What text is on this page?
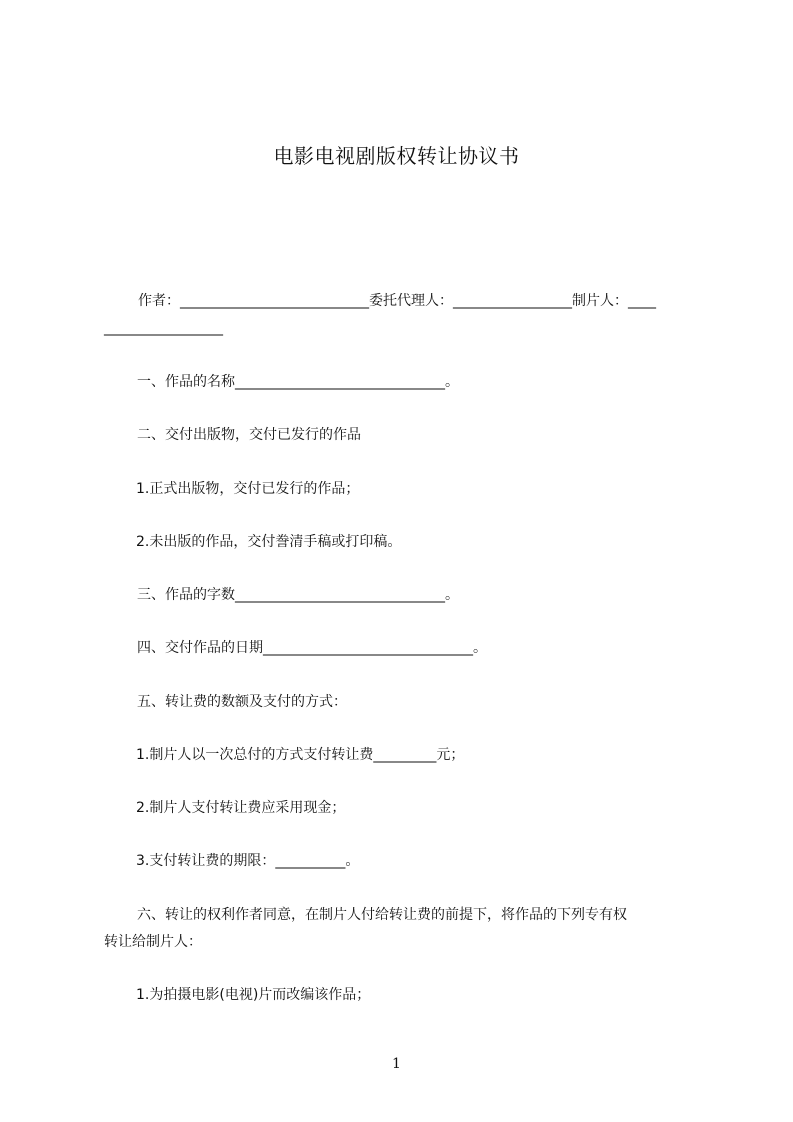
电影电视剧版权转让协议书

作者：___________________________委托代理人：_________________制片人：____

_________________

一、作品的名称______________________________。

二、交付出版物，交付已发行的作品

1.正式出版物，交付已发行的作品；

2.未出版的作品，交付誊清手稿或打印稿。

三、作品的字数______________________________。

四、交付作品的日期______________________________。

五、转让费的数额及支付的方式：

1.制片人以一次总付的方式支付转让费_________元；

2.制片人支付转让费应采用现金；

3.支付转让费的期限：__________。

六、转让的权利作者同意，在制片人付给转让费的前提下，将作品的下列专有权

转让给制片人：

1.为拍摄电影(电视)片而改编该作品；

1
